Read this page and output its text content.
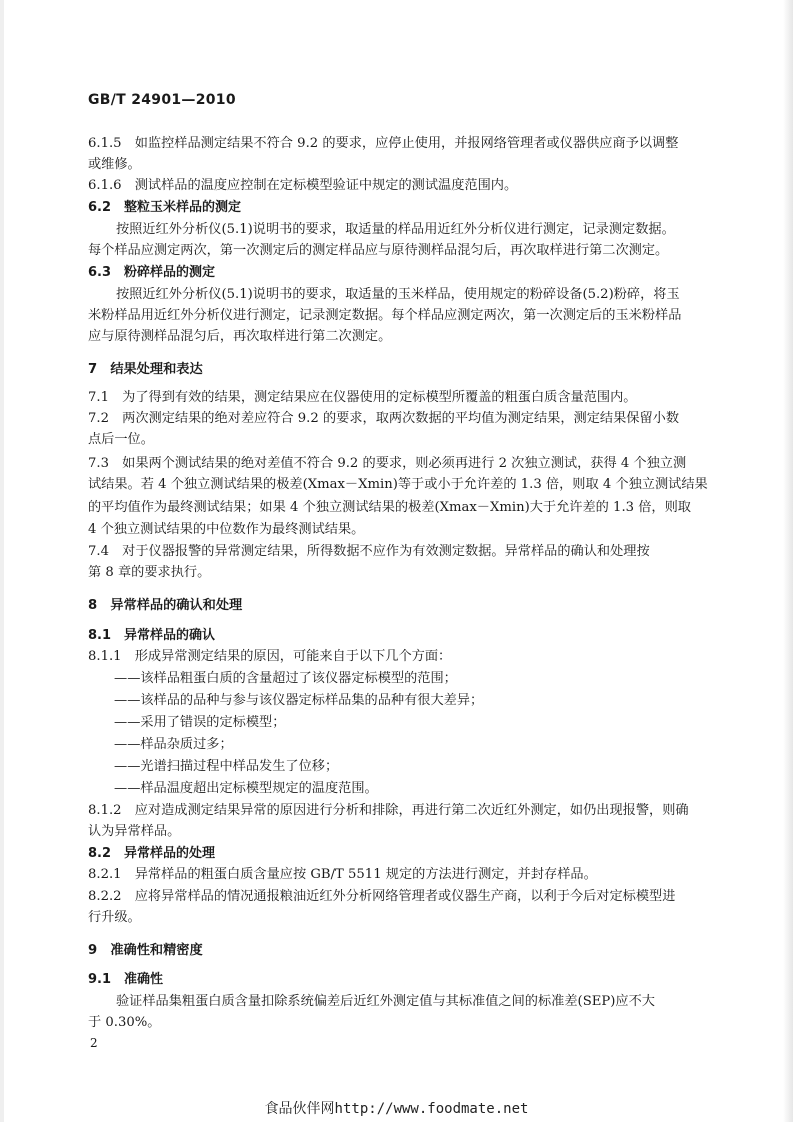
GB/T 24901—2010
6.1.5　如监控样品测定结果不符合 9.2 的要求，应停止使用，并报网络管理者或仪器供应商予以调整
或维修。
6.1.6　测试样品的温度应控制在定标模型验证中规定的测试温度范围内。
6.2　整粒玉米样品的测定
按照近红外分析仪(5.1)说明书的要求，取适量的样品用近红外分析仪进行测定，记录测定数据。
每个样品应测定两次，第一次测定后的测定样品应与原待测样品混匀后，再次取样进行第二次测定。
6.3　粉碎样品的测定
按照近红外分析仪(5.1)说明书的要求，取适量的玉米样品，使用规定的粉碎设备(5.2)粉碎，将玉
米粉样品用近红外分析仪进行测定，记录测定数据。每个样品应测定两次，第一次测定后的玉米粉样品
应与原待测样品混匀后，再次取样进行第二次测定。
7　结果处理和表达
7.1　为了得到有效的结果，测定结果应在仪器使用的定标模型所覆盖的粗蛋白质含量范围内。
7.2　两次测定结果的绝对差应符合 9.2 的要求，取两次数据的平均值为测定结果，测定结果保留小数
点后一位。
7.3　如果两个测试结果的绝对差值不符合 9.2 的要求，则必须再进行 2 次独立测试，获得 4 个独立测
试结果。若 4 个独立测试结果的极差(Xmax－Xmin)等于或小于允许差的 1.3 倍，则取 4 个独立测试结果
的平均值作为最终测试结果；如果 4 个独立测试结果的极差(Xmax－Xmin)大于允许差的 1.3 倍，则取
4 个独立测试结果的中位数作为最终测试结果。
7.4　对于仪器报警的异常测定结果，所得数据不应作为有效测定数据。异常样品的确认和处理按
第 8 章的要求执行。
8　异常样品的确认和处理
8.1　异常样品的确认
8.1.1　形成异常测定结果的原因，可能来自于以下几个方面：
——该样品粗蛋白质的含量超过了该仪器定标模型的范围；
——该样品的品种与参与该仪器定标样品集的品种有很大差异；
——采用了错误的定标模型；
——样品杂质过多；
——光谱扫描过程中样品发生了位移；
——样品温度超出定标模型规定的温度范围。
8.1.2　应对造成测定结果异常的原因进行分析和排除，再进行第二次近红外测定，如仍出现报警，则确
认为异常样品。
8.2　异常样品的处理
8.2.1　异常样品的粗蛋白质含量应按 GB/T 5511 规定的方法进行测定，并封存样品。
8.2.2　应将异常样品的情况通报粮油近红外分析网络管理者或仪器生产商，以利于今后对定标模型进
行升级。
9　准确性和精密度
9.1　准确性
验证样品集粗蛋白质含量扣除系统偏差后近红外测定值与其标准值之间的标准差(SEP)应不大
于 0.30%。
2
食品伙伴网http://www.foodmate.net
